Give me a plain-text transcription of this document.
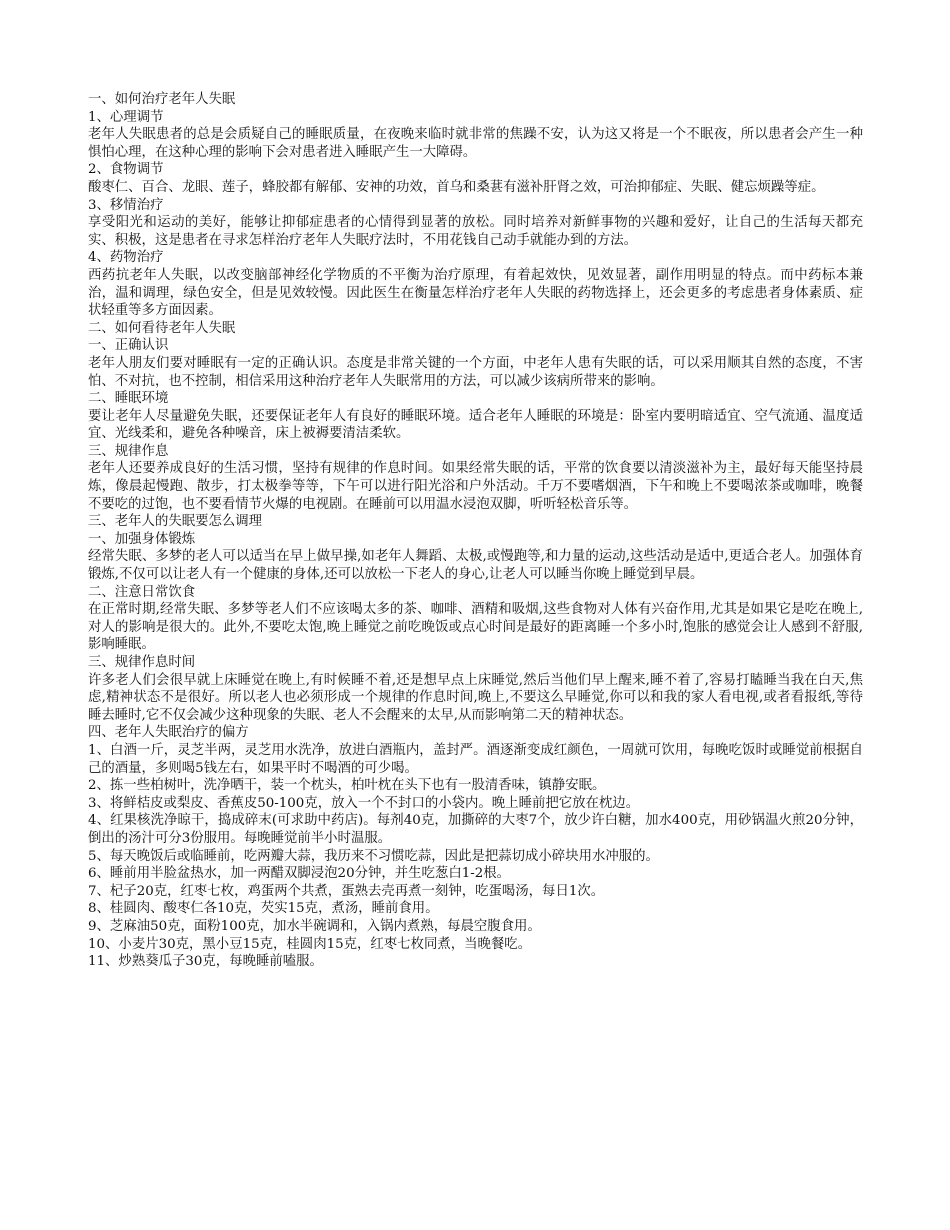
一、如何治疗老年人失眠

1、心理调节

老年人失眠患者的总是会质疑自己的睡眠质量，在夜晚来临时就非常的焦躁不安，认为这又将是一个不眠夜，所以患者会产生一种惧怕心理，在这种心理的影响下会对患者进入睡眠产生一大障碍。

2、食物调节

酸枣仁、百合、龙眼、莲子，蜂胶都有解郁、安神的功效，首乌和桑葚有滋补肝肾之效，可治抑郁症、失眠、健忘烦躁等症。

3、移情治疗

享受阳光和运动的美好，能够让抑郁症患者的心情得到显著的放松。同时培养对新鲜事物的兴趣和爱好，让自己的生活每天都充实、积极，这是患者在寻求怎样治疗老年人失眠疗法时，不用花钱自己动手就能办到的方法。

4、药物治疗

西药抗老年人失眠，以改变脑部神经化学物质的不平衡为治疗原理，有着起效快，见效显著，副作用明显的特点。而中药标本兼治，温和调理，绿色安全，但是见效较慢。因此医生在衡量怎样治疗老年人失眠的药物选择上，还会更多的考虑患者身体素质、症状轻重等多方面因素。

二、如何看待老年人失眠

一、正确认识

老年人朋友们要对睡眠有一定的正确认识。态度是非常关键的一个方面，中老年人患有失眠的话，可以采用顺其自然的态度，不害怕、不对抗，也不控制，相信采用这种治疗老年人失眠常用的方法，可以减少该病所带来的影响。

二、睡眠环境

要让老年人尽量避免失眠，还要保证老年人有良好的睡眠环境。适合老年人睡眠的环境是：卧室内要明暗适宜、空气流通、温度适宜、光线柔和，避免各种噪音，床上被褥要清洁柔软。

三、规律作息

老年人还要养成良好的生活习惯，坚持有规律的作息时间。如果经常失眠的话，平常的饮食要以清淡滋补为主，最好每天能坚持晨炼，像晨起慢跑、散步，打太极拳等等，下午可以进行阳光浴和户外活动。千万不要嗜烟酒，下午和晚上不要喝浓茶或咖啡，晚餐不要吃的过饱，也不要看情节火爆的电视剧。在睡前可以用温水浸泡双脚，听听轻松音乐等。

三、老年人的失眠要怎么调理

一、加强身体锻炼

经常失眠、多梦的老人可以适当在早上做早操,如老年人舞蹈、太极,或慢跑等,和力量的运动,这些活动是适中,更适合老人。加强体育锻炼,不仅可以让老人有一个健康的身体,还可以放松一下老人的身心,让老人可以睡当你晚上睡觉到早晨。

二、注意日常饮食

在正常时期,经常失眠、多梦等老人们不应该喝太多的茶、咖啡、酒精和吸烟,这些食物对人体有兴奋作用,尤其是如果它是吃在晚上,对人的影响是很大的。此外,不要吃太饱,晚上睡觉之前吃晚饭或点心时间是最好的距离睡一个多小时,饱胀的感觉会让人感到不舒服,影响睡眠。

三、规律作息时间

许多老人们会很早就上床睡觉在晚上,有时候睡不着,还是想早点上床睡觉,然后当他们早上醒来,睡不着了,容易打瞌睡当我在白天,焦虑,精神状态不是很好。所以老人也必须形成一个规律的作息时间,晚上,不要这么早睡觉,你可以和我的家人看电视,或者看报纸,等待睡去睡时,它不仅会减少这种现象的失眠、老人不会醒来的太早,从而影响第二天的精神状态。

四、老年人失眠治疗的偏方

1、白酒一斤，灵芝半两，灵芝用水洗净，放进白酒瓶内，盖封严。酒逐渐变成红颜色，一周就可饮用，每晚吃饭时或睡觉前根据自己的酒量，多则喝5钱左右，如果平时不喝酒的可少喝。

2、拣一些柏树叶，洗净晒干，装一个枕头，柏叶枕在头下也有一股清香味，镇静安眠。

3、将鲜桔皮或梨皮、香蕉皮50-100克，放入一个不封口的小袋内。晚上睡前把它放在枕边。

4、红果核洗净晾干，捣成碎末(可求助中药店)。每剂40克，加撕碎的大枣7个，放少许白糖，加水400克，用砂锅温火煎20分钟，倒出的汤汁可分3份服用。每晚睡觉前半小时温服。

5、每天晚饭后或临睡前，吃两瓣大蒜，我历来不习惯吃蒜，因此是把蒜切成小碎块用水冲服的。

6、睡前用半脸盆热水，加一两醋双脚浸泡20分钟，并生吃葱白1-2根。

7、杞子20克，红枣七枚，鸡蛋两个共煮，蛋熟去壳再煮一刻钟，吃蛋喝汤，每日1次。

8、桂圆肉、酸枣仁各10克，芡实15克，煮汤，睡前食用。

9、芝麻油50克，面粉100克，加水半碗调和，入锅内煮熟，每晨空腹食用。

10、小麦片30克，黑小豆15克，桂圆肉15克，红枣七枚同煮，当晚餐吃。

11、炒熟葵瓜子30克，每晚睡前嗑服。
